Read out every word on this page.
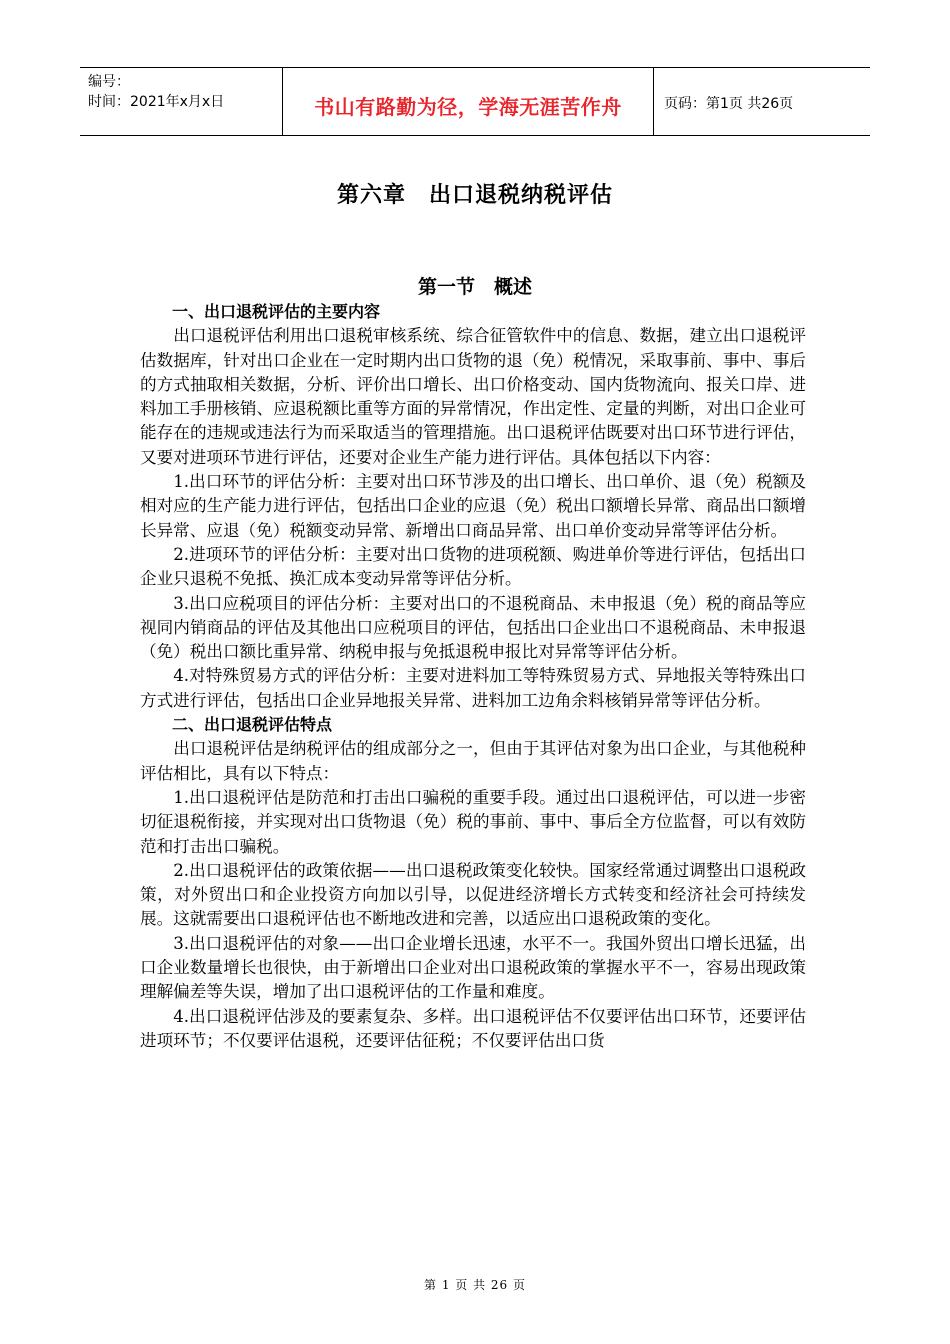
编号：
时间：2021年x月x日	书山有路勤为径，学海无涯苦作舟	页码：第1页 共26页
第六章　出口退税纳税评估
第一节　概述

一、出口退税评估的主要内容

出口退税评估利用出口退税审核系统、综合征管软件中的信息、数据，建立出口退税评估数据库，针对出口企业在一定时期内出口货物的退（免）税情况，采取事前、事中、事后的方式抽取相关数据，分析、评价出口增长、出口价格变动、国内货物流向、报关口岸、进料加工手册核销、应退税额比重等方面的异常情况，作出定性、定量的判断，对出口企业可能存在的违规或违法行为而采取适当的管理措施。出口退税评估既要对出口环节进行评估，又要对进项环节进行评估，还要对企业生产能力进行评估。具体包括以下内容：

1.出口环节的评估分析：主要对出口环节涉及的出口增长、出口单价、退（免）税额及相对应的生产能力进行评估，包括出口企业的应退（免）税出口额增长异常、商品出口额增长异常、应退（免）税额变动异常、新增出口商品异常、出口单价变动异常等评估分析。

2.进项环节的评估分析：主要对出口货物的进项税额、购进单价等进行评估，包括出口企业只退税不免抵、换汇成本变动异常等评估分析。

3.出口应税项目的评估分析：主要对出口的不退税商品、未申报退（免）税的商品等应视同内销商品的评估及其他出口应税项目的评估，包括出口企业出口不退税商品、未申报退（免）税出口额比重异常、纳税申报与免抵退税申报比对异常等评估分析。

4.对特殊贸易方式的评估分析：主要对进料加工等特殊贸易方式、异地报关等特殊出口方式进行评估，包括出口企业异地报关异常、进料加工边角余料核销异常等评估分析。

二、出口退税评估特点

出口退税评估是纳税评估的组成部分之一，但由于其评估对象为出口企业，与其他税种评估相比，具有以下特点：

1.出口退税评估是防范和打击出口骗税的重要手段。通过出口退税评估，可以进一步密切征退税衔接，并实现对出口货物退（免）税的事前、事中、事后全方位监督，可以有效防范和打击出口骗税。

2.出口退税评估的政策依据——出口退税政策变化较快。国家经常通过调整出口退税政策，对外贸出口和企业投资方向加以引导，以促进经济增长方式转变和经济社会可持续发展。这就需要出口退税评估也不断地改进和完善，以适应出口退税政策的变化。

3.出口退税评估的对象——出口企业增长迅速，水平不一。我国外贸出口增长迅猛，出口企业数量增长也很快，由于新增出口企业对出口退税政策的掌握水平不一，容易出现政策理解偏差等失误，增加了出口退税评估的工作量和难度。

4.出口退税评估涉及的要素复杂、多样。出口退税评估不仅要评估出口环节，还要评估进项环节；不仅要评估退税，还要评估征税；不仅要评估出口货

第 1 页 共 26 页
